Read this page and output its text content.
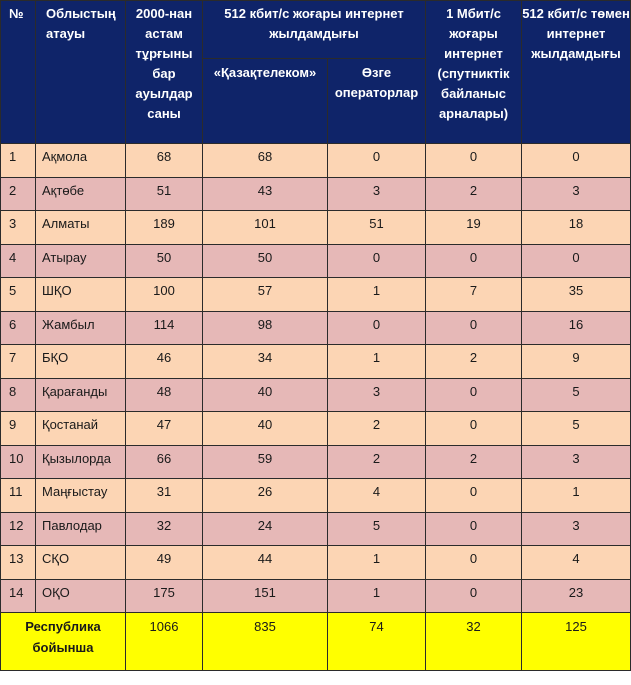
№	Облыстың атауы	2000-нан астам тұрғыны бар ауылдар саны	512 кбит/с жоғары интернет жылдамдығы		1 Мбит/с жоғары интернет (спутниктік байланыс арналары)	512 кбит/с төмен интернет жылдамдығы
			«Қазақтелеком»	Өзге операторлар		
1	Ақмола	68	68	0	0	0
2	Ақтөбе	51	43	3	2	3
3	Алматы	189	101	51	19	18
4	Атырау	50	50	0	0	0
5	ШҚО	100	57	1	7	35
6	Жамбыл	114	98	0	0	16
7	БҚО	46	34	1	2	9
8	Қарағанды	48	40	3	0	5
9	Қостанай	47	40	2	0	5
10	Қызылорда	66	59	2	2	3
11	Маңғыстау	31	26	4	0	1
12	Павлодар	32	24	5	0	3
13	СҚО	49	44	1	0	4
14	ОҚО	175	151	1	0	23
Республика бойынша		1066	835	74	32	125
